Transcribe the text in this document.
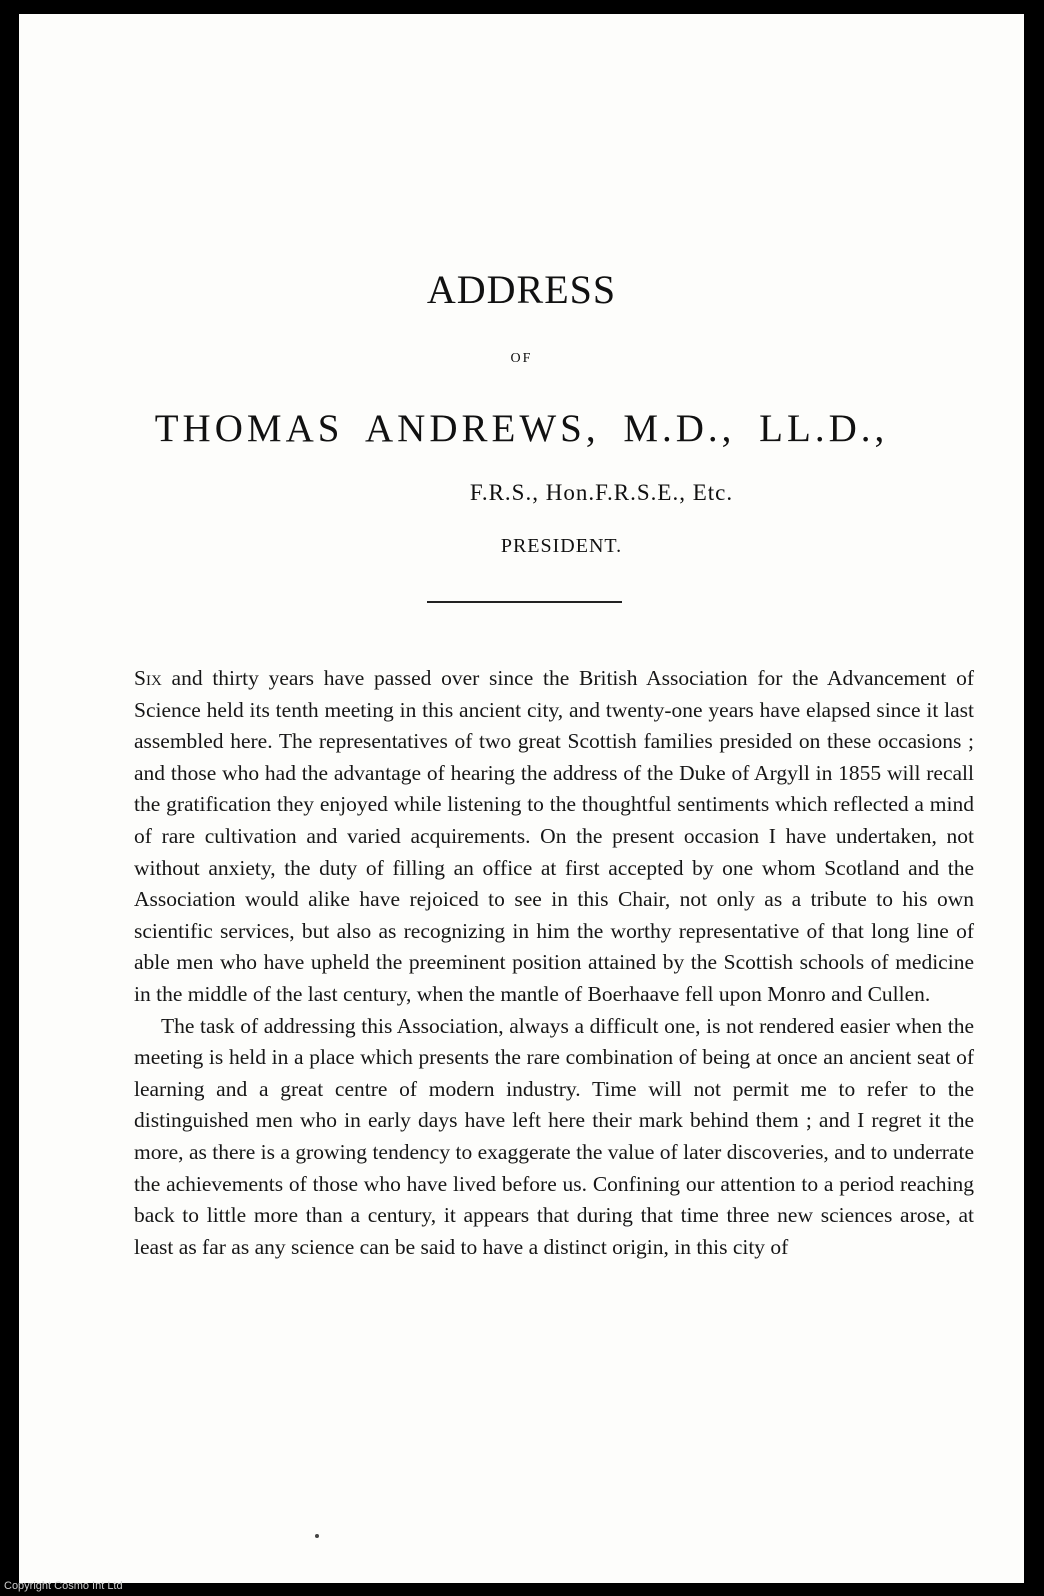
ADDRESS
OF
THOMAS ANDREWS, M.D., LL.D.,
F.R.S., Hon.F.R.S.E., Etc.
PRESIDENT.

Six and thirty years have passed over since the British Association for the Advancement of Science held its tenth meeting in this ancient city, and twenty-one years have elapsed since it last assembled here. The representatives of two great Scottish families presided on these occasions ; and those who had the advantage of hearing the address of the Duke of Argyll in 1855 will recall the gratification they enjoyed while listening to the thoughtful sentiments which reflected a mind of rare cultivation and varied acquirements. On the present occasion I have undertaken, not without anxiety, the duty of filling an office at first accepted by one whom Scotland and the Association would alike have rejoiced to see in this Chair, not only as a tribute to his own scientific services, but also as recognizing in him the worthy representative of that long line of able men who have upheld the preeminent position attained by the Scottish schools of medicine in the middle of the last century, when the mantle of Boerhaave fell upon Monro and Cullen.

The task of addressing this Association, always a difficult one, is not rendered easier when the meeting is held in a place which presents the rare combination of being at once an ancient seat of learning and a great centre of modern industry. Time will not permit me to refer to the distinguished men who in early days have left here their mark behind them ; and I regret it the more, as there is a growing tendency to exaggerate the value of later discoveries, and to underrate the achievements of those who have lived before us. Confining our attention to a period reaching back to little more than a century, it appears that during that time three new sciences arose, at least as far as any science can be said to have a distinct origin, in this city of

Copyright Cosmo Int Ltd
